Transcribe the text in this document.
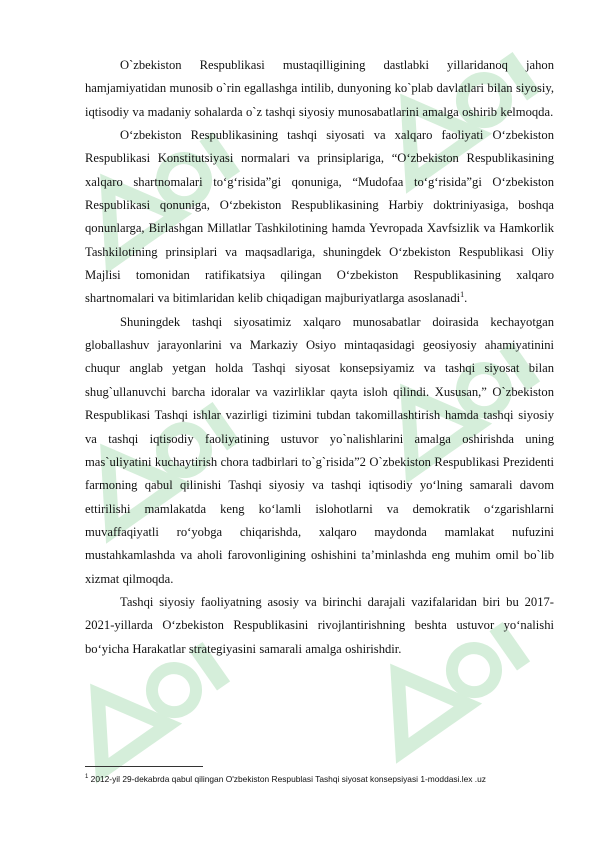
O`zbekiston Respublikasi mustaqilligining dastlabki yillaridanoq jahon hamjamiyatidan munosib o`rin egallashga intilib, dunyoning ko`plab davlatlari bilan siyosiy, iqtisodiy va madaniy sohalarda o`z tashqi siyosiy munosabatlarini amalga oshirib kelmoqda.

O‘zbekiston Respublikasining tashqi siyosati va xalqaro faoliyati O‘zbekiston Respublikasi Konstitutsiyasi normalari va prinsiplariga, “O‘zbekiston Respublikasining xalqaro shartnomalari to‘g‘risida”gi qonuniga, “Mudofaa to‘g‘risida”gi O‘zbekiston Respublikasi qonuniga, O‘zbekiston Respublikasining Harbiy doktriniyasiga, boshqa qonunlarga, Birlashgan Millatlar Tashkilotining hamda Yevropada Xavfsizlik va Hamkorlik Tashkilotining prinsiplari va maqsadlariga, shuningdek O‘zbekiston Respublikasi Oliy Majlisi tomonidan ratifikatsiya qilingan O‘zbekiston Respublikasining xalqaro shartnomalari va bitimlaridan kelib chiqadigan majburiyatlarga asoslanadi$^1$.

Shuningdek tashqi siyosatimiz xalqaro munosabatlar doirasida kechayotgan globallashuv jarayonlarini va Markaziy Osiyo mintaqasidagi geosiyosiy ahamiyatinini chuqur anglab yetgan holda Tashqi siyosat konsepsiyamiz va tashqi siyosat bilan shug`ullanuvchi barcha idoralar va vazirliklar qayta isloh qilindi. Xususan,” O`zbekiston Respublikasi Tashqi ishlar vazirligi tizimini tubdan takomillashtirish hamda tashqi siyosiy va tashqi iqtisodiy faoliyatining ustuvor yo`nalishlarini amalga oshirishda uning mas`uliyatini kuchaytirish chora tadbirlari to`g`risida”2 O`zbekiston Respublikasi Prezidenti farmoning qabul qilinishi Tashqi siyosiy va tashqi iqtisodiy yo‘lning samarali davom ettirilishi mamlakatda keng ko‘lamli islohotlarni va demokratik o‘zgarishlarni muvaffaqiyatli ro‘yobga chiqarishda, xalqaro maydonda mamlakat nufuzini mustahkamlashda va aholi farovonligining oshishini ta’minlashda eng muhim omil bo`lib xizmat qilmoqda.

Tashqi siyosiy faoliyatning asosiy va birinchi darajali vazifalaridan biri bu 2017-2021-yillarda O‘zbekiston Respublikasini rivojlantirishning beshta ustuvor yo‘nalishi bo‘yicha Harakatlar strategiyasini samarali amalga oshirishdir.

$^1$ 2012-yil 29-dekabrda qabul qilingan O'zbekiston Respublasi Tashqi siyosat konsepsiyasi 1-moddasi.lex .uz
